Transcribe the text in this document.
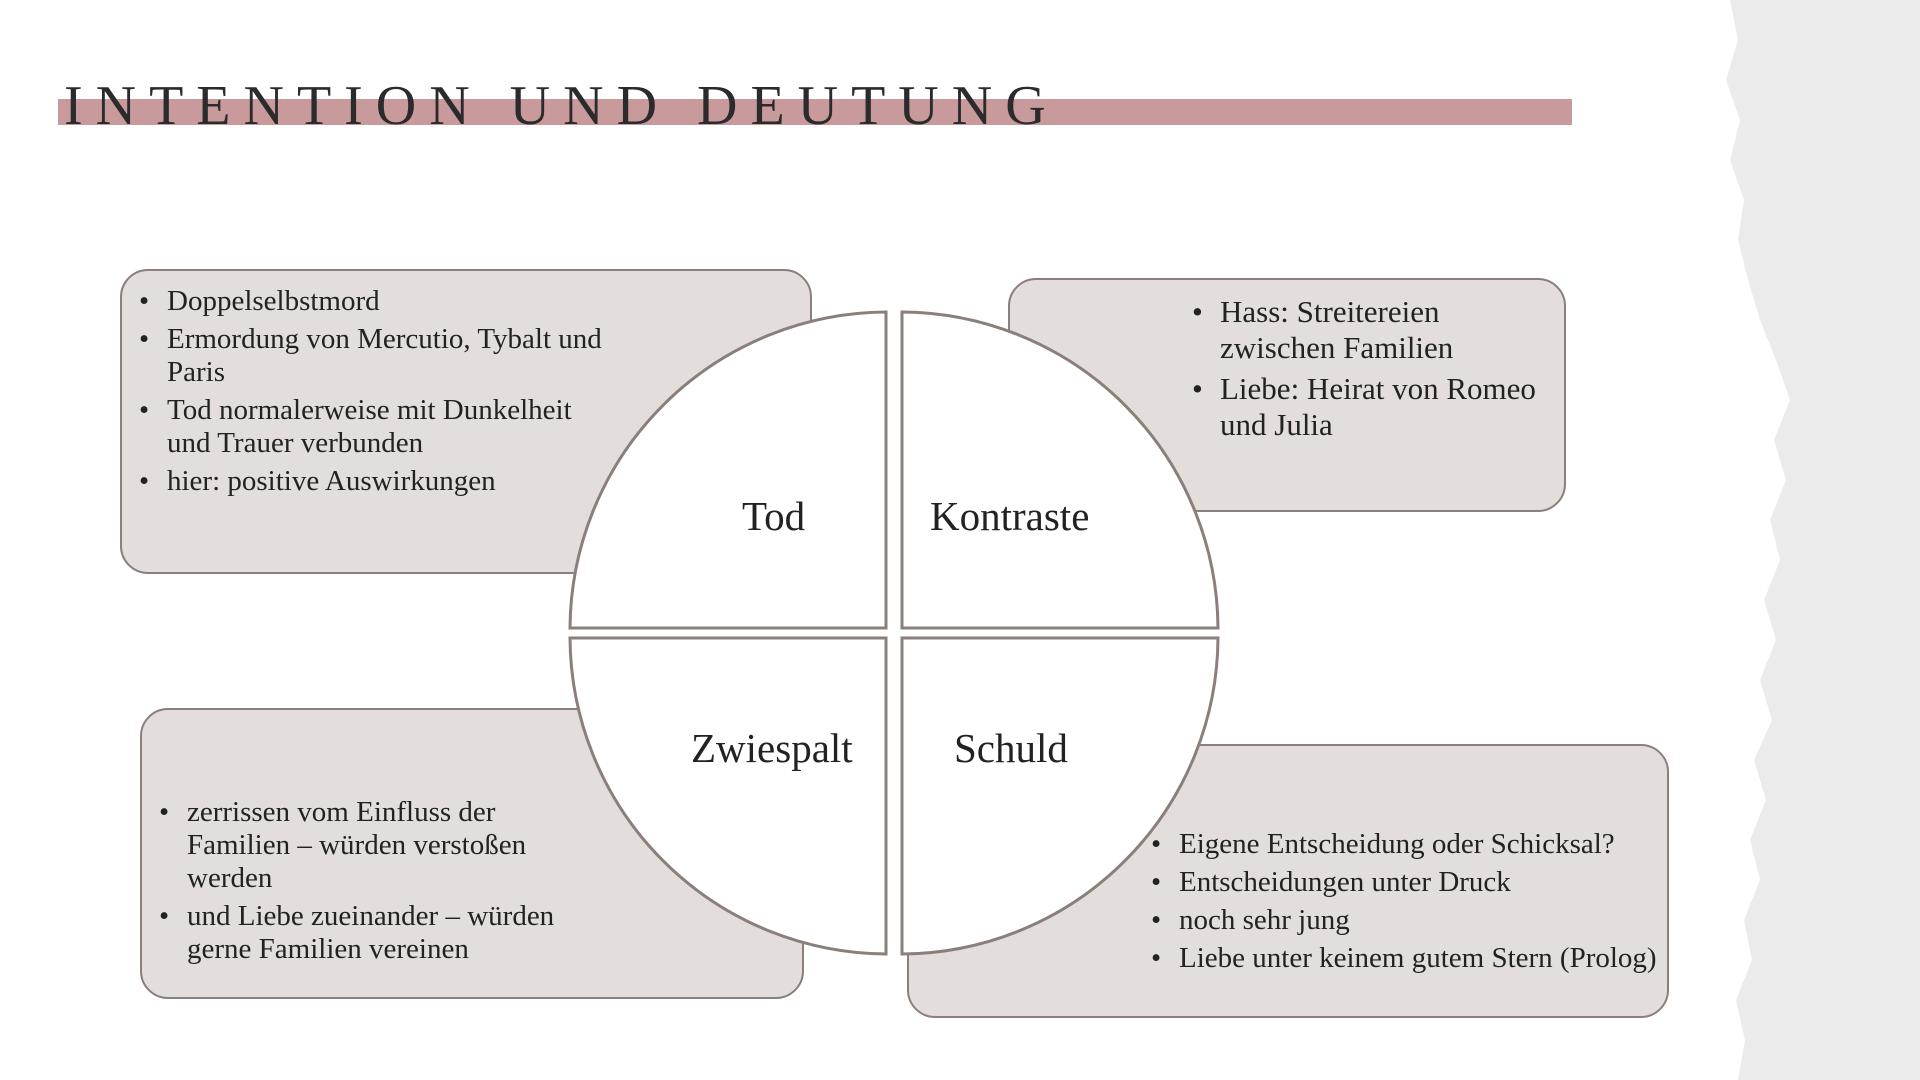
INTENTION UND DEUTUNG
• Doppelselbstmord
• Ermordung von Mercutio, Tybalt und Paris
• Tod normalerweise mit Dunkelheit und Trauer verbunden
• hier: positive Auswirkungen
• Hass: Streitereien zwischen Familien
• Liebe: Heirat von Romeo und Julia
• zerrissen vom Einfluss der Familien – würden verstoßen werden
• und Liebe zueinander – würden gerne Familien vereinen
• Eigene Entscheidung oder Schicksal?
• Entscheidungen unter Druck
• noch sehr jung
• Liebe unter keinem gutem Stern (Prolog)
Tod	Kontraste
Zwiespalt Schuld
